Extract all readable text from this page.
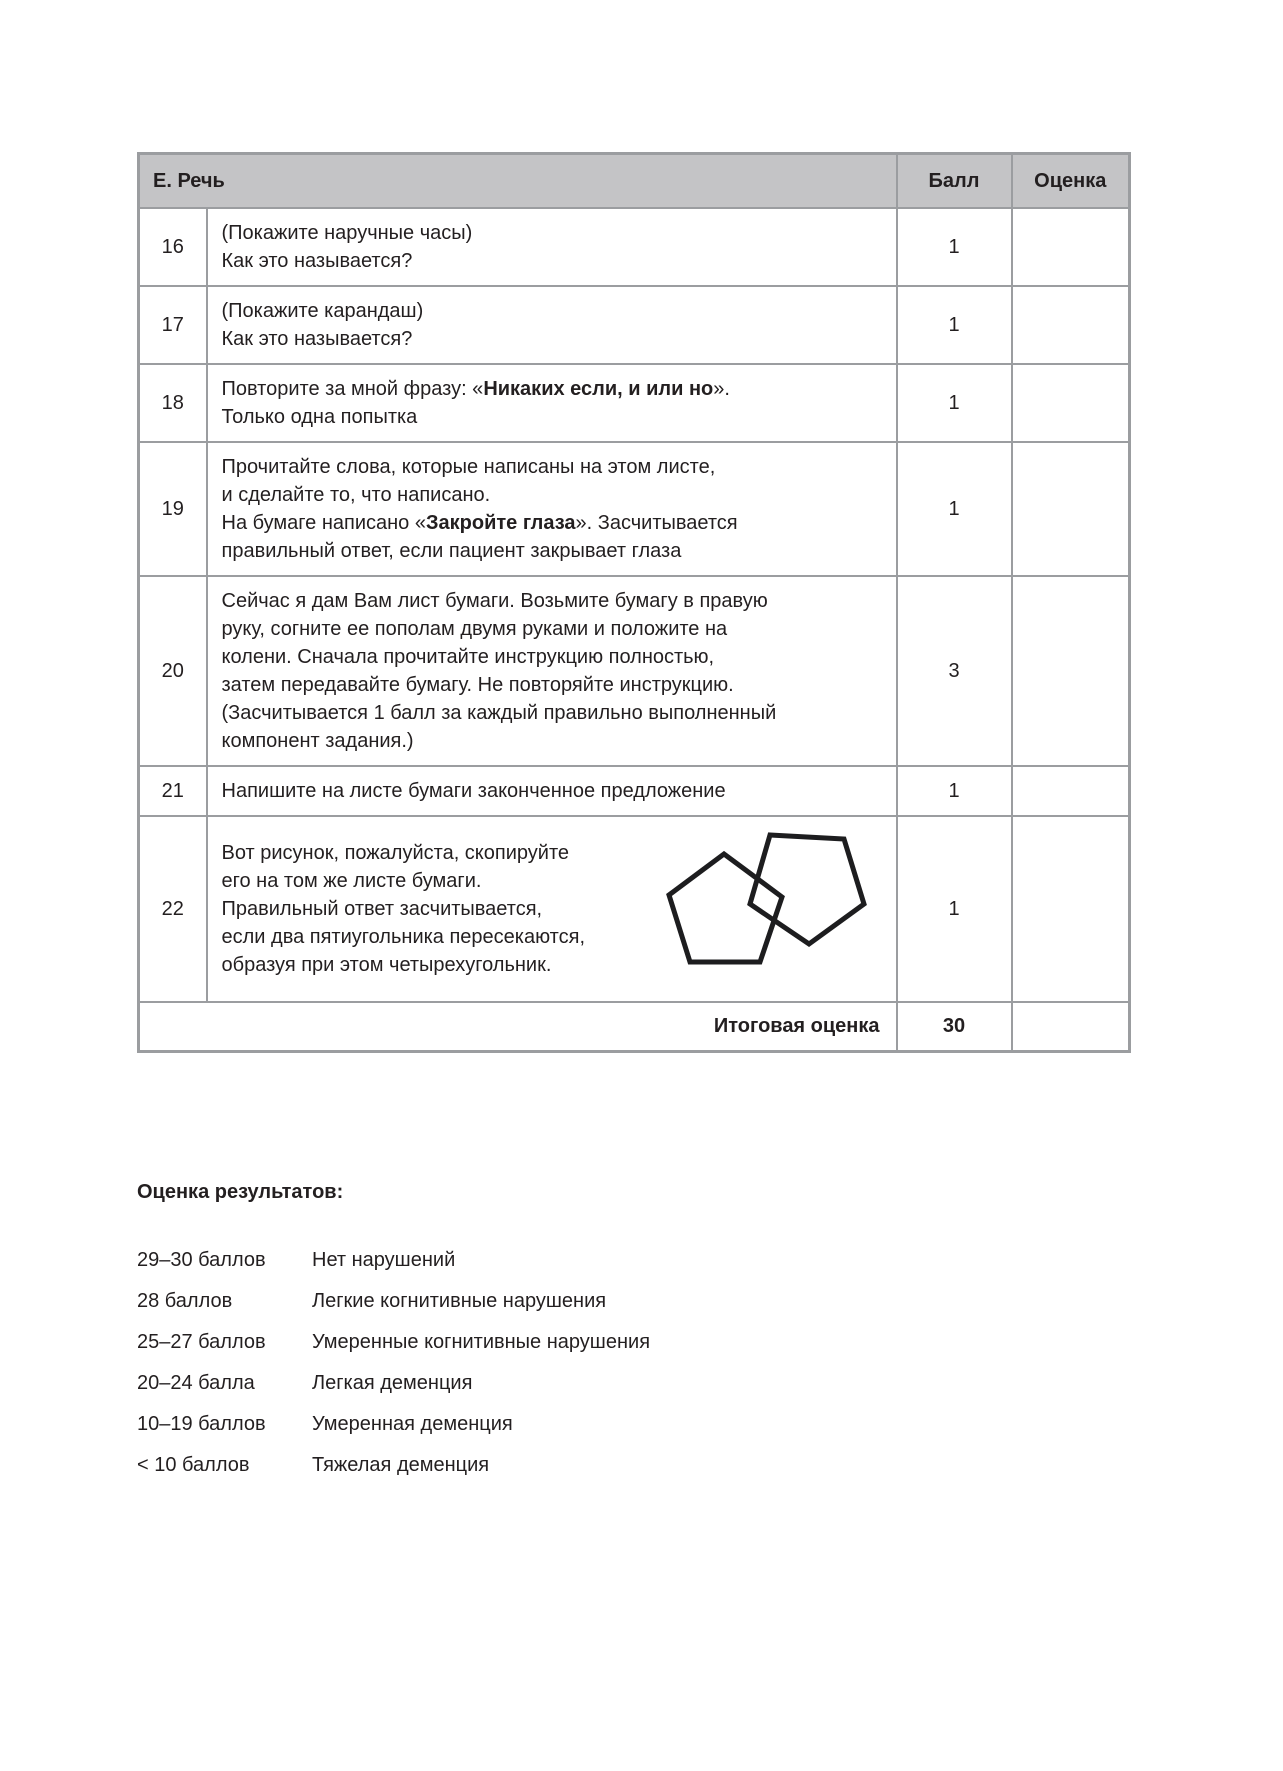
Е. Речь		Балл	Оценка
16	(Покажите наручные часы)
Как это называется?	1	
17	(Покажите карандаш)
Как это называется?	1	
18	Повторите за мной фразу: «Никаких если, и или но».
Только одна попытка	1	
19	Прочитайте слова, которые написаны на этом листе,
и сделайте то, что написано.
На бумаге написано «Закройте глаза». Засчитывается
правильный ответ, если пациент закрывает глаза	1	
20	
Сейчас я дам Вам лист бумаги. Возьмите бумагу в правую
руку, согните ее пополам двумя руками и положите на
колени. Сначала прочитайте инструкцию полностью,
затем передавайте бумагу. Не повторяйте инструкцию.
(Засчитывается 1 балл за каждый правильно выполненный
компонент задания.)
	3	
21	Напишите на листе бумаги законченное предложение	1	
22	Вот рисунок, пожалуйста, скопируйте
его на том же листе бумаги.
Правильный ответ засчитывается,
если два пятиугольника пересекаются,
образуя при этом четырехугольник.	1	
Итоговая оценка		30	
Оценка результатов:
29–30 баллов	Нет нарушений
28 баллов	Легкие когнитивные нарушения
25–27 баллов	Умеренные когнитивные нарушения
20–24 балла	Легкая деменция
10–19 баллов	Умеренная деменция
< 10 баллов	Тяжелая деменция
